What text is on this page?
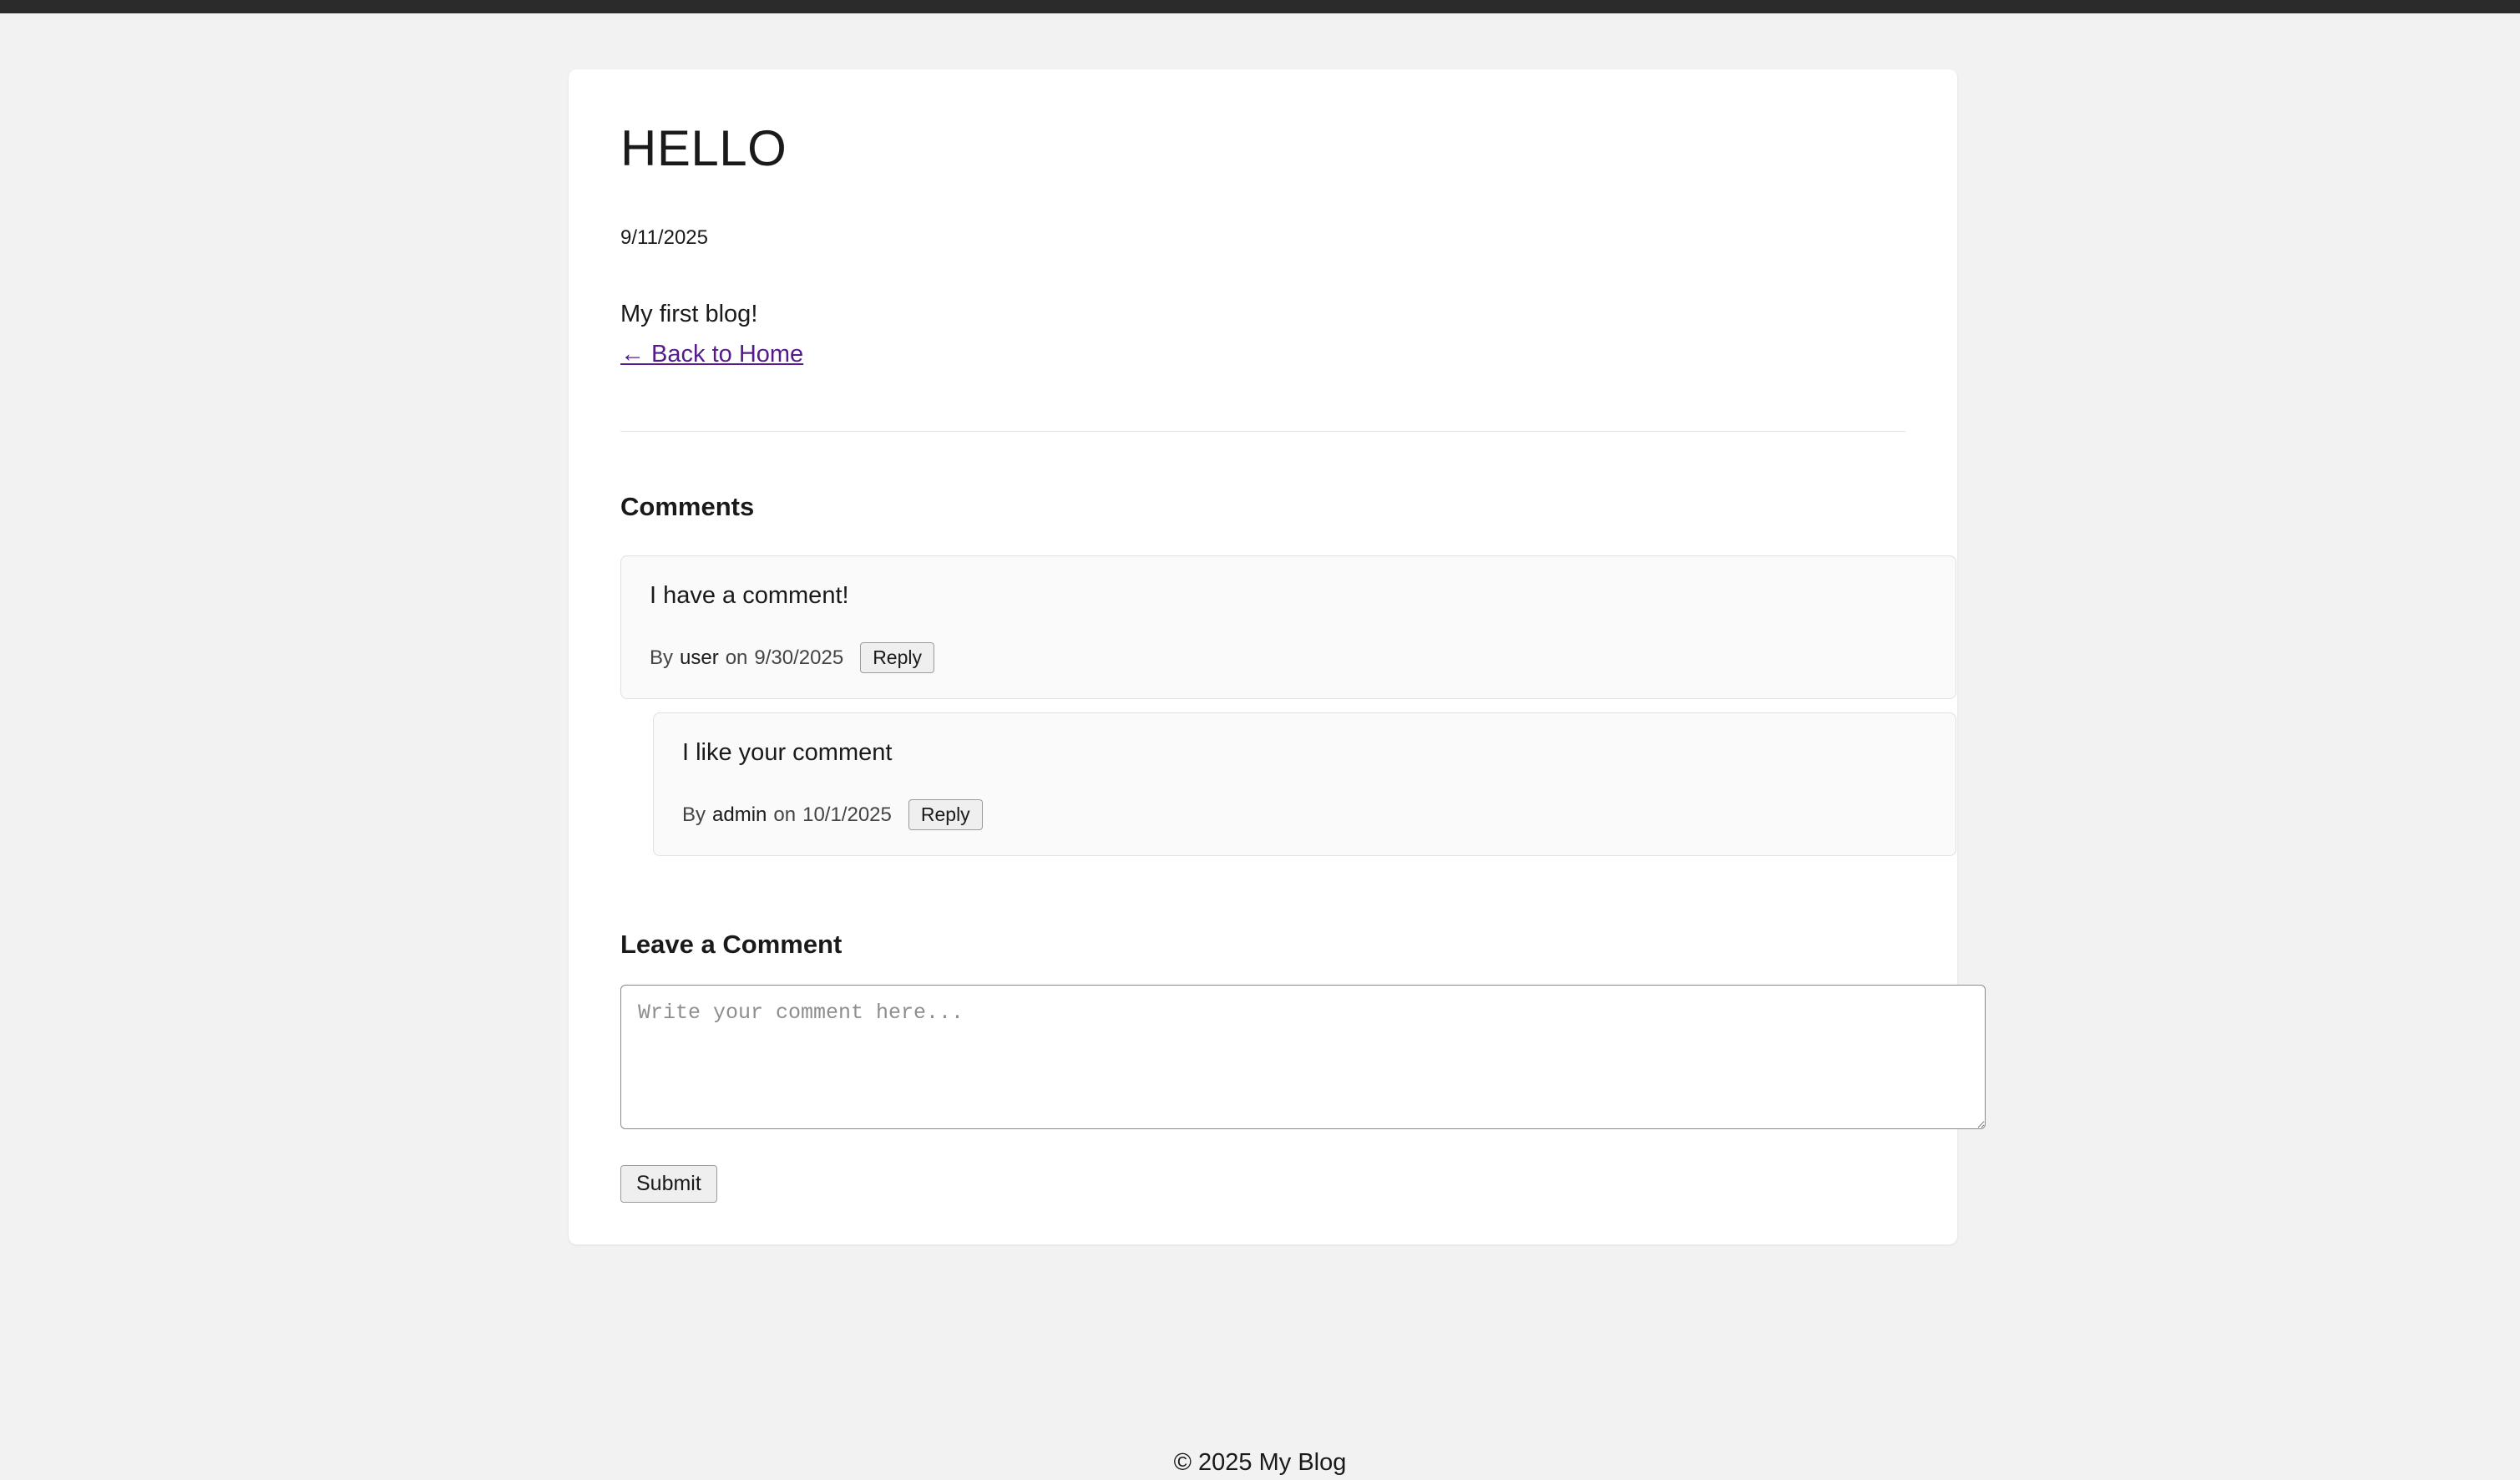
HELLO
9/11/2025
My first blog!
← Back to Home
Comments
I have a comment!
By user on 9/30/2025	Reply
I like your comment
By admin on 10/1/2025	Reply
Leave a Comment
Write your comment here...
Submit
© 2025 My Blog
